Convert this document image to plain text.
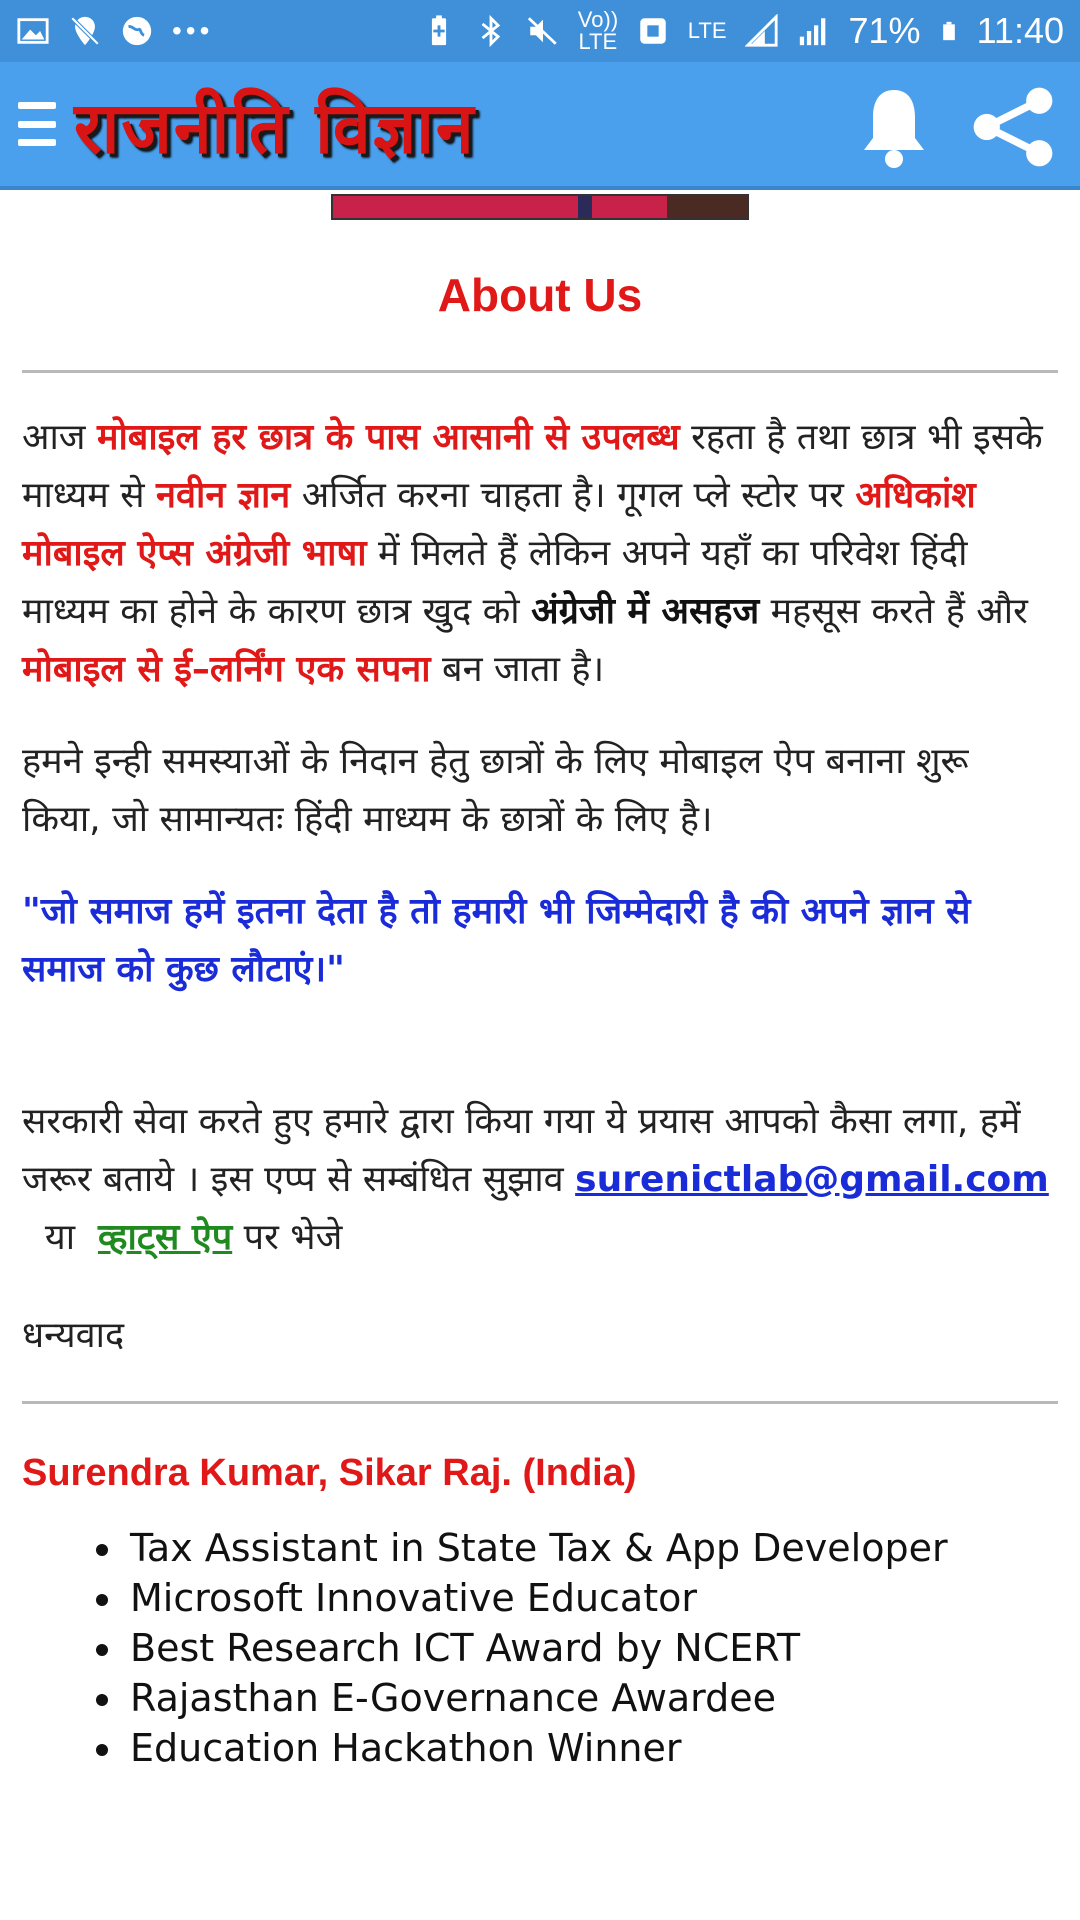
•••	Vo)) LTE	LTE	71% 11:40
राजनीति विज्ञान
About Us

आज मोबाइल हर छात्र के पास आसानी से उपलब्ध रहता है तथा छात्र भी इसके माध्यम से नवीन ज्ञान अर्जित करना चाहता है। गूगल प्ले स्टोर पर अधिकांश मोबाइल ऐप्स अंग्रेजी भाषा में मिलते हैं लेकिन अपने यहाँ का परिवेश हिंदी माध्यम का होने के कारण छात्र खुद को अंग्रेजी में असहज महसूस करते हैं और मोबाइल से ई–लर्निंग एक सपना बन जाता है।

हमने इन्ही समस्याओं के निदान हेतु छात्रों के लिए मोबाइल ऐप बनाना शुरू किया, जो सामान्यतः हिंदी माध्यम के छात्रों के लिए है।

"जो समाज हमें इतना देता है तो हमारी भी जिम्मेदारी है की अपने ज्ञान से समाज को कुछ लौटाएं।"

सरकारी सेवा करते हुए हमारे द्वारा किया गया ये प्रयास आपको कैसा लगा, हमें जरूर बताये । इस एप्प से सम्बंधित सुझाव surenictlab@gmail.com  या  व्हाट्स ऐप पर भेजे

धन्यवाद

Surendra Kumar, Sikar Raj. (India)
• Tax Assistant in State Tax & App Developer
• Microsoft Innovative Educator
• Best Research ICT Award by NCERT
• Rajasthan E-Governance Awardee
• Education Hackathon Winner
